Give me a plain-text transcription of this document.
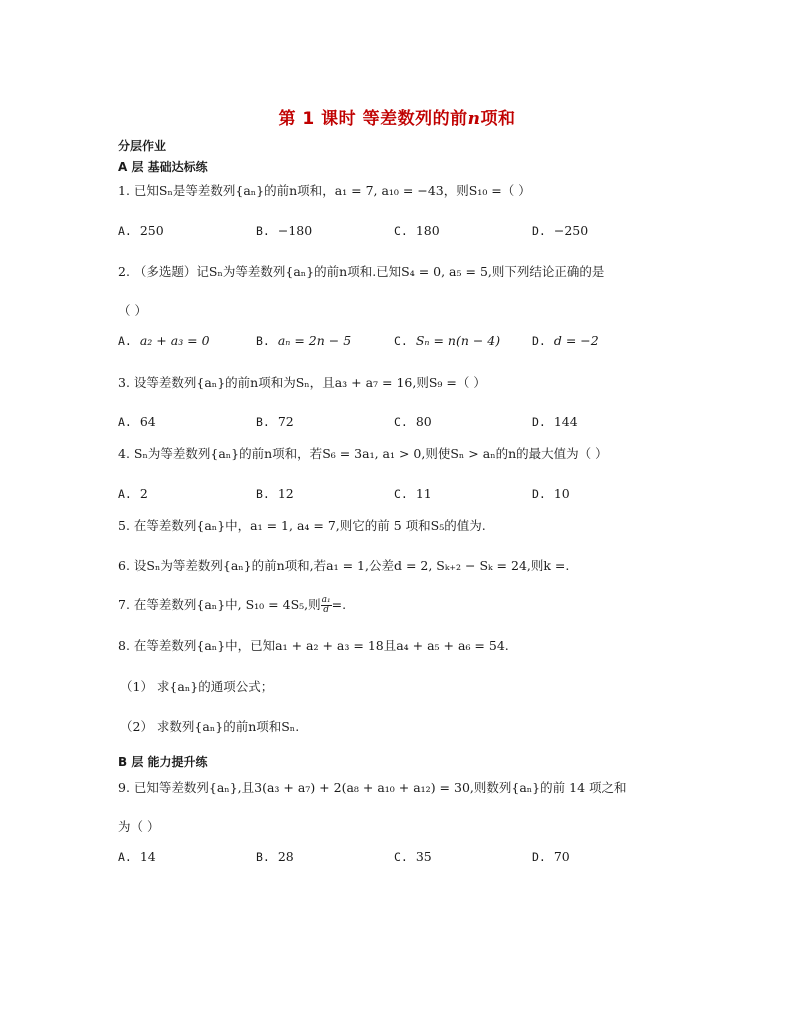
第 1 课时 等差数列的前n项和
分层作业
A 层 基础达标练
1. 已知Sₙ是等差数列{aₙ}的前n项和，a₁ = 7, a₁₀ = −43，则S₁₀ =（ ）
A. 250	B. −180	C. 180	D. −250
2. （多选题）记Sₙ为等差数列{aₙ}的前n项和.已知S₄ = 0, a₅ = 5,则下列结论正确的是
（ ）
A. a₂ + a₃ = 0	B. aₙ = 2n − 5	C. Sₙ = n(n − 4)	D. d = −2
3. 设等差数列{aₙ}的前n项和为Sₙ，且a₃ + a₇ = 16,则S₉ =（ ）
A. 64	B. 72	C. 80	D. 144
4. Sₙ为等差数列{aₙ}的前n项和，若S₆ = 3a₁, a₁ > 0,则使Sₙ > aₙ的n的最大值为（ ）
A. 2	B. 12	C. 11	D. 10
5. 在等差数列{aₙ}中，a₁ = 1, a₄ = 7,则它的前 5 项和S₅的值为.
6. 设Sₙ为等差数列{aₙ}的前n项和,若a₁ = 1,公差d = 2, Sₖ₊₂ − Sₖ = 24,则k =.
7. 在等差数列{aₙ}中, S₁₀ = 4S₅,则 $\frac{\text{a₁}}{d}$ =.
8. 在等差数列{aₙ}中，已知a₁ + a₂ + a₃ = 18且a₄ + a₅ + a₆ = 54.
（1） 求{aₙ}的通项公式；
（2） 求数列{aₙ}的前n项和Sₙ.
B 层 能力提升练
9. 已知等差数列{aₙ},且3(a₃ + a₇) + 2(a₈ + a₁₀ + a₁₂) = 30,则数列{aₙ}的前 14 项之和
为（ ）
A. 14	B. 28	C. 35	D. 70
